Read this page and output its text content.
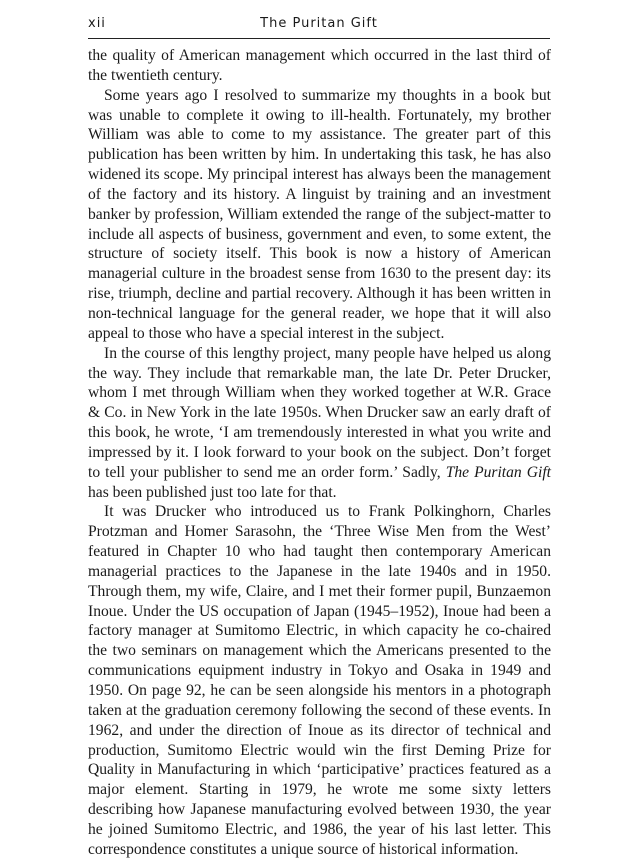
xii	The Puritan Gift

the quality of American management which occurred in the last third of the twentieth century.

Some years ago I resolved to summarize my thoughts in a book but was unable to complete it owing to ill-health. Fortunately, my brother William was able to come to my assistance. The greater part of this publication has been written by him. In undertaking this task, he has also widened its scope. My principal interest has always been the management of the factory and its history. A linguist by training and an investment banker by profession, William extended the range of the subject-matter to include all aspects of business, government and even, to some extent, the structure of society itself. This book is now a history of American managerial culture in the broadest sense from 1630 to the present day: its rise, triumph, decline and partial recovery. Although it has been written in non-technical language for the general reader, we hope that it will also appeal to those who have a special interest in the subject.

In the course of this lengthy project, many people have helped us along the way. They include that remarkable man, the late Dr. Peter Drucker, whom I met through William when they worked together at W.R. Grace & Co. in New York in the late 1950s. When Drucker saw an early draft of this book, he wrote, ‘I am tremendously interested in what you write and impressed by it. I look forward to your book on the subject. Don’t forget to tell your publisher to send me an order form.’ Sadly, The Puritan Gift has been published just too late for that.

It was Drucker who introduced us to Frank Polkinghorn, Charles Protzman and Homer Sarasohn, the ‘Three Wise Men from the West’ featured in Chapter 10 who had taught then contemporary American managerial practices to the Japanese in the late 1940s and in 1950. Through them, my wife, Claire, and I met their former pupil, Bunzaemon Inoue. Under the US occupation of Japan (1945–1952), Inoue had been a factory manager at Sumitomo Electric, in which capacity he co-chaired the two seminars on management which the Americans presented to the communications equipment industry in Tokyo and Osaka in 1949 and 1950. On page 92, he can be seen alongside his mentors in a photograph taken at the graduation ceremony following the second of these events. In 1962, and under the direction of Inoue as its director of technical and production, Sumitomo Electric would win the first Deming Prize for Quality in Manufacturing in which ‘participative’ practices featured as a major element. Starting in 1979, he wrote me some sixty letters describing how Japanese manufacturing evolved between 1930, the year he joined Sumitomo Electric, and 1986, the year of his last letter. This correspondence constitutes a unique source of historical information.
